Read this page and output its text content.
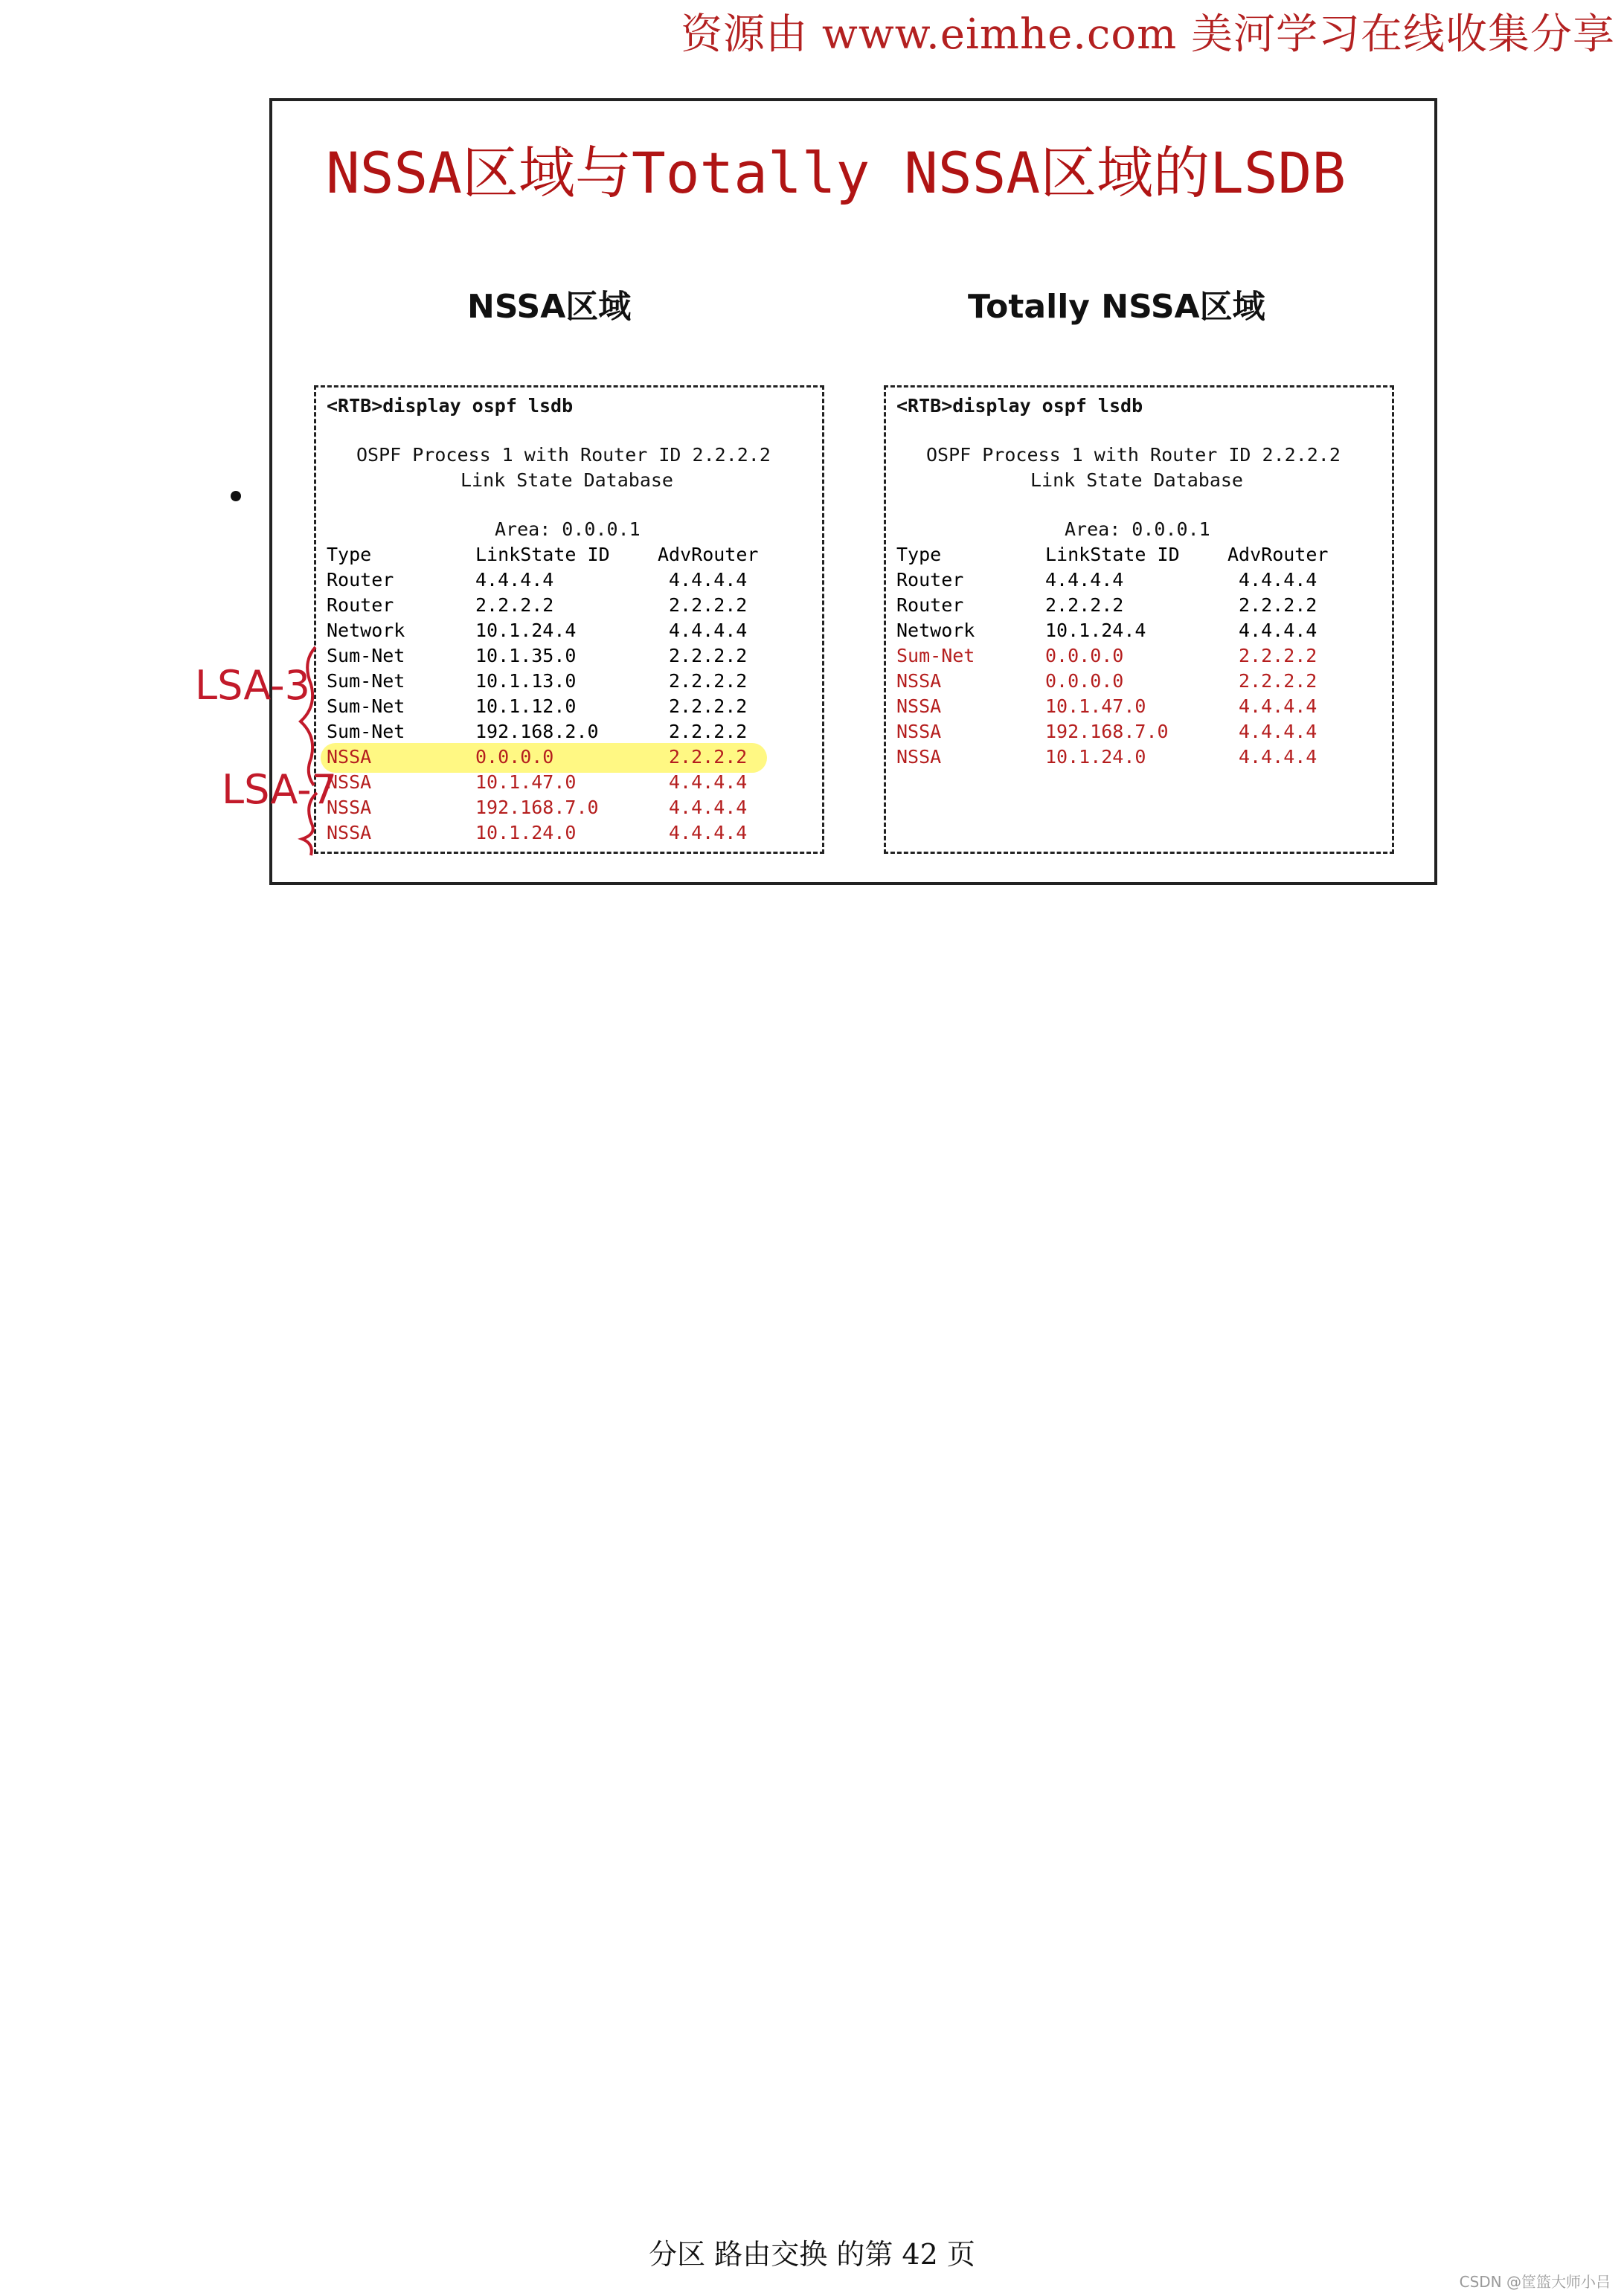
资源由 www.eimhe.com 美河学习在线收集分享
NSSA区域与Totally NSSA区域的LSDB
NSSA区域	Totally NSSA区域
<RTB>display ospf lsdb
OSPF Process 1 with Router ID 2.2.2.2
Link State Database
Area: 0.0.0.1
Type	LinkState ID	AdvRouter
Router	4.4.4.4	4.4.4.4
Router	2.2.2.2	2.2.2.2
Network	10.1.24.4	4.4.4.4
Sum-Net	10.1.35.0	2.2.2.2
Sum-Net	10.1.13.0	2.2.2.2
Sum-Net	10.1.12.0	2.2.2.2
Sum-Net	192.168.2.0	2.2.2.2
NSSA	0.0.0.0	2.2.2.2
NSSA	10.1.47.0	4.4.4.4
NSSA	192.168.7.0	4.4.4.4
NSSA	10.1.24.0	4.4.4.4
<RTB>display ospf lsdb
OSPF Process 1 with Router ID 2.2.2.2
Link State Database
Area: 0.0.0.1
Type	LinkState ID	AdvRouter
Router	4.4.4.4	4.4.4.4
Router	2.2.2.2	2.2.2.2
Network	10.1.24.4	4.4.4.4
Sum-Net	0.0.0.0	2.2.2.2
NSSA	0.0.0.0	2.2.2.2
NSSA	10.1.47.0	4.4.4.4
NSSA	192.168.7.0	4.4.4.4
NSSA	10.1.24.0	4.4.4.4
LSA-3
LSA-7
分区 路由交换 的第 42 页
CSDN @筐篮大师小吕
